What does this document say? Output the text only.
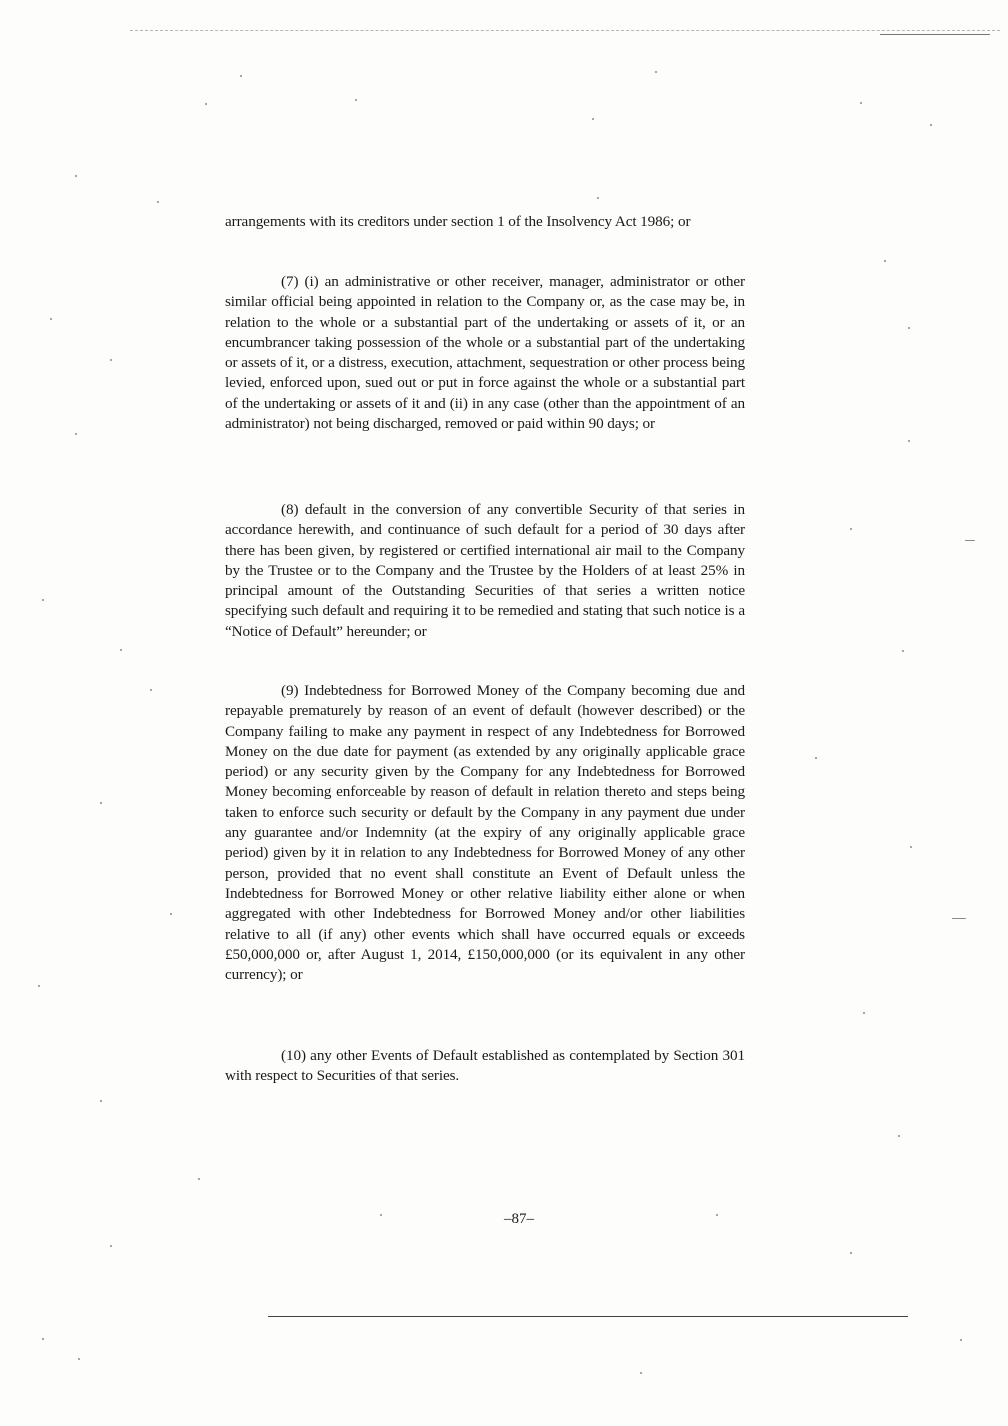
arrangements with its creditors under section 1 of the Insolvency Act 1986; or

(7) (i) an administrative or other receiver, manager, administrator or other similar official being appointed in relation to the Company or, as the case may be, in relation to the whole or a substantial part of the undertaking or assets of it, or an encumbrancer taking possession of the whole or a substantial part of the undertaking or assets of it, or a distress, execution, attachment, sequestration or other process being levied, enforced upon, sued out or put in force against the whole or a substantial part of the undertaking or assets of it and (ii) in any case (other than the appointment of an administrator) not being discharged, removed or paid within 90 days; or

(8) default in the conversion of any convertible Security of that series in accordance herewith, and continuance of such default for a period of 30 days after there has been given, by registered or certified international air mail to the Company by the Trustee or to the Company and the Trustee by the Holders of at least 25% in principal amount of the Outstanding Securities of that series a written notice specifying such default and requiring it to be remedied and stating that such notice is a “Notice of Default” hereunder; or

(9) Indebtedness for Borrowed Money of the Company becoming due and repayable prematurely by reason of an event of default (however described) or the Company failing to make any payment in respect of any Indebtedness for Borrowed Money on the due date for payment (as extended by any originally applicable grace period) or any security given by the Company for any Indebtedness for Borrowed Money becoming enforceable by reason of default in relation thereto and steps being taken to enforce such security or default by the Company in any payment due under any guarantee and/or Indemnity (at the expiry of any originally applicable grace period) given by it in relation to any Indebtedness for Borrowed Money of any other person, provided that no event shall constitute an Event of Default unless the Indebtedness for Borrowed Money or other relative liability either alone or when aggregated with other Indebtedness for Borrowed Money and/or other liabilities relative to all (if any) other events which shall have occurred equals or exceeds £50,000,000 or, after August 1, 2014, £150,000,000 (or its equivalent in any other currency); or

(10) any other Events of Default established as contemplated by Section 301 with respect to Securities of that series.

–87–
